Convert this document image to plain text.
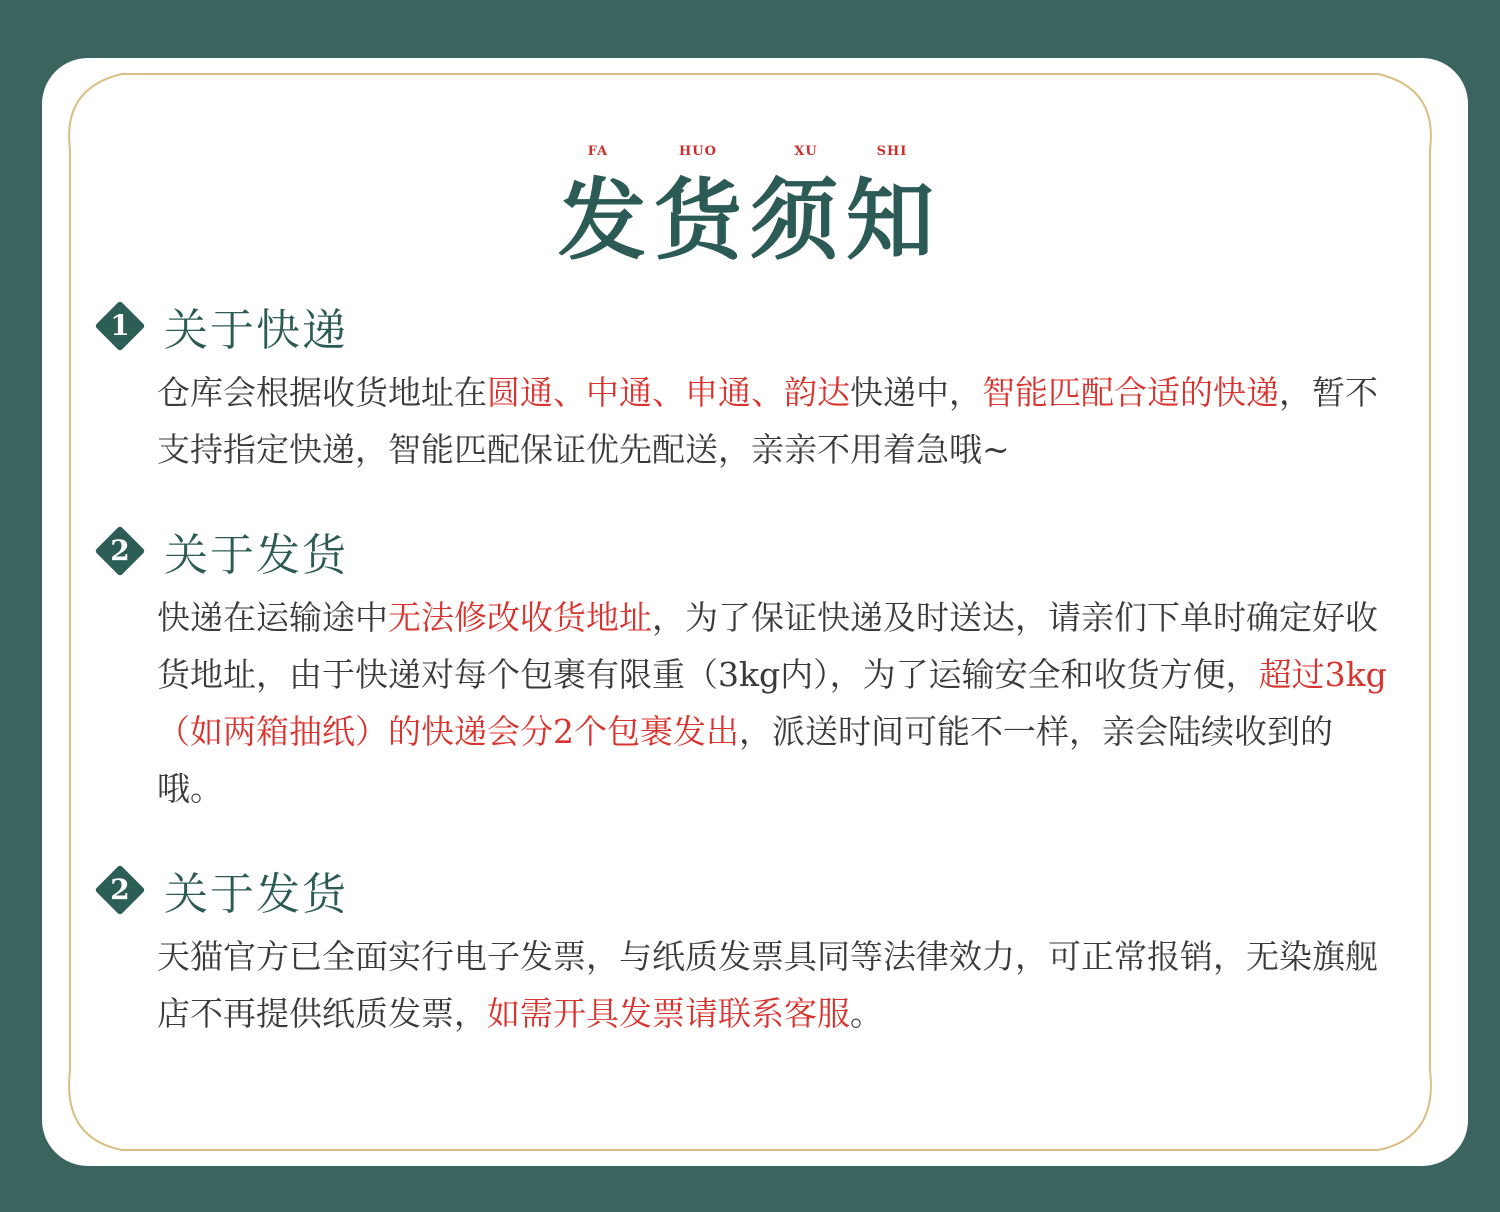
FA	HUO	XU	SHI
发货须知
1 关于快递

仓库会根据收货地址在圆通、中通、申通、韵达快递中，智能匹配合适的快递，暂不支持指定快递，智能匹配保证优先配送，亲亲不用着急哦~

2 关于发货

快递在运输途中无法修改收货地址，为了保证快递及时送达，请亲们下单时确定好收货地址，由于快递对每个包裹有限重（3kg内），为了运输安全和收货方便，超过3kg（如两箱抽纸）的快递会分2个包裹发出，派送时间可能不一样，亲会陆续收到的哦。

2 关于发货

天猫官方已全面实行电子发票，与纸质发票具同等法律效力，可正常报销，无染旗舰店不再提供纸质发票，如需开具发票请联系客服。
